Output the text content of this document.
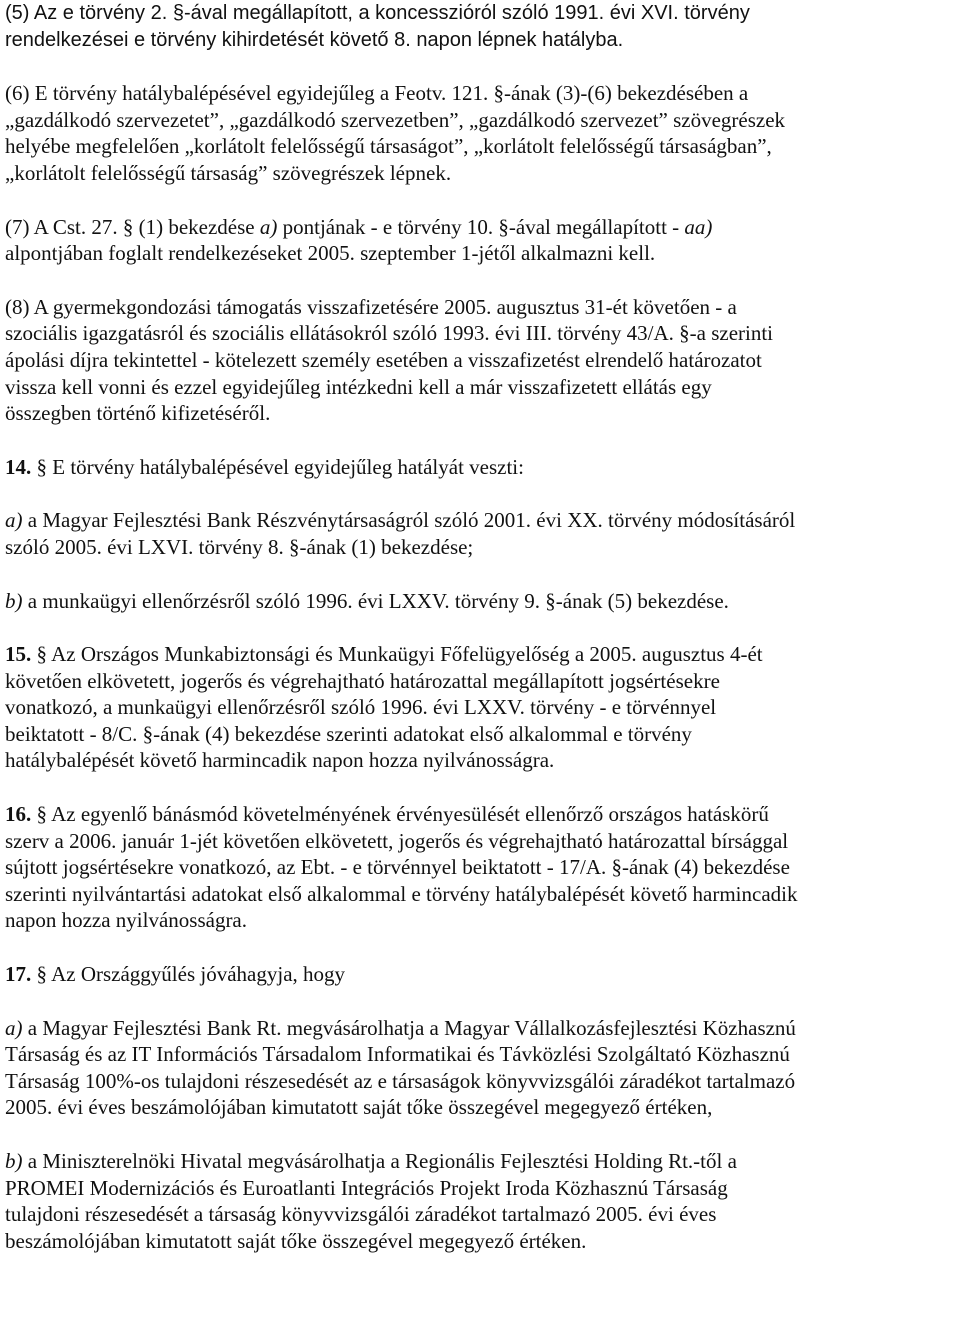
(5) Az e törvény 2. §-ával megállapított, a koncesszióról szóló 1991. évi XVI. törvény
rendelkezései e törvény kihirdetését követő 8. napon lépnek hatályba.

(6) E törvény hatálybalépésével egyidejűleg a Feotv. 121. §-ának (3)-(6) bekezdésében a
„gazdálkodó szervezetet”, „gazdálkodó szervezetben”, „gazdálkodó szervezet” szövegrészek
helyébe megfelelően „korlátolt felelősségű társaságot”, „korlátolt felelősségű társaságban”,
„korlátolt felelősségű társaság” szövegrészek lépnek.

(7) A Cst. 27. § (1) bekezdése a) pontjának - e törvény 10. §-ával megállapított - aa)
alpontjában foglalt rendelkezéseket 2005. szeptember 1-jétől alkalmazni kell.

(8) A gyermekgondozási támogatás visszafizetésére 2005. augusztus 31-ét követően - a
szociális igazgatásról és szociális ellátásokról szóló 1993. évi III. törvény 43/A. §-a szerinti
ápolási díjra tekintettel - kötelezett személy esetében a visszafizetést elrendelő határozatot
vissza kell vonni és ezzel egyidejűleg intézkedni kell a már visszafizetett ellátás egy
összegben történő kifizetéséről.

14. § E törvény hatálybalépésével egyidejűleg hatályát veszti:

a) a Magyar Fejlesztési Bank Részvénytársaságról szóló 2001. évi XX. törvény módosításáról
szóló 2005. évi LXVI. törvény 8. §-ának (1) bekezdése;

b) a munkaügyi ellenőrzésről szóló 1996. évi LXXV. törvény 9. §-ának (5) bekezdése.

15. § Az Országos Munkabiztonsági és Munkaügyi Főfelügyelőség a 2005. augusztus 4-ét
követően elkövetett, jogerős és végrehajtható határozattal megállapított jogsértésekre
vonatkozó, a munkaügyi ellenőrzésről szóló 1996. évi LXXV. törvény - e törvénnyel
beiktatott - 8/C. §-ának (4) bekezdése szerinti adatokat első alkalommal e törvény
hatálybalépését követő harmincadik napon hozza nyilvánosságra.

16. § Az egyenlő bánásmód követelményének érvényesülését ellenőrző országos hatáskörű
szerv a 2006. január 1-jét követően elkövetett, jogerős és végrehajtható határozattal bírsággal
sújtott jogsértésekre vonatkozó, az Ebt. - e törvénnyel beiktatott - 17/A. §-ának (4) bekezdése
szerinti nyilvántartási adatokat első alkalommal e törvény hatálybalépését követő harmincadik
napon hozza nyilvánosságra.

17. § Az Országgyűlés jóváhagyja, hogy

a) a Magyar Fejlesztési Bank Rt. megvásárolhatja a Magyar Vállalkozásfejlesztési Közhasznú
Társaság és az IT Információs Társadalom Informatikai és Távközlési Szolgáltató Közhasznú
Társaság 100%-os tulajdoni részesedését az e társaságok könyvvizsgálói záradékot tartalmazó
2005. évi éves beszámolójában kimutatott saját tőke összegével megegyező értéken,

b) a Miniszterelnöki Hivatal megvásárolhatja a Regionális Fejlesztési Holding Rt.-től a
PROMEI Modernizációs és Euroatlanti Integrációs Projekt Iroda Közhasznú Társaság
tulajdoni részesedését a társaság könyvvizsgálói záradékot tartalmazó 2005. évi éves
beszámolójában kimutatott saját tőke összegével megegyező értéken.
